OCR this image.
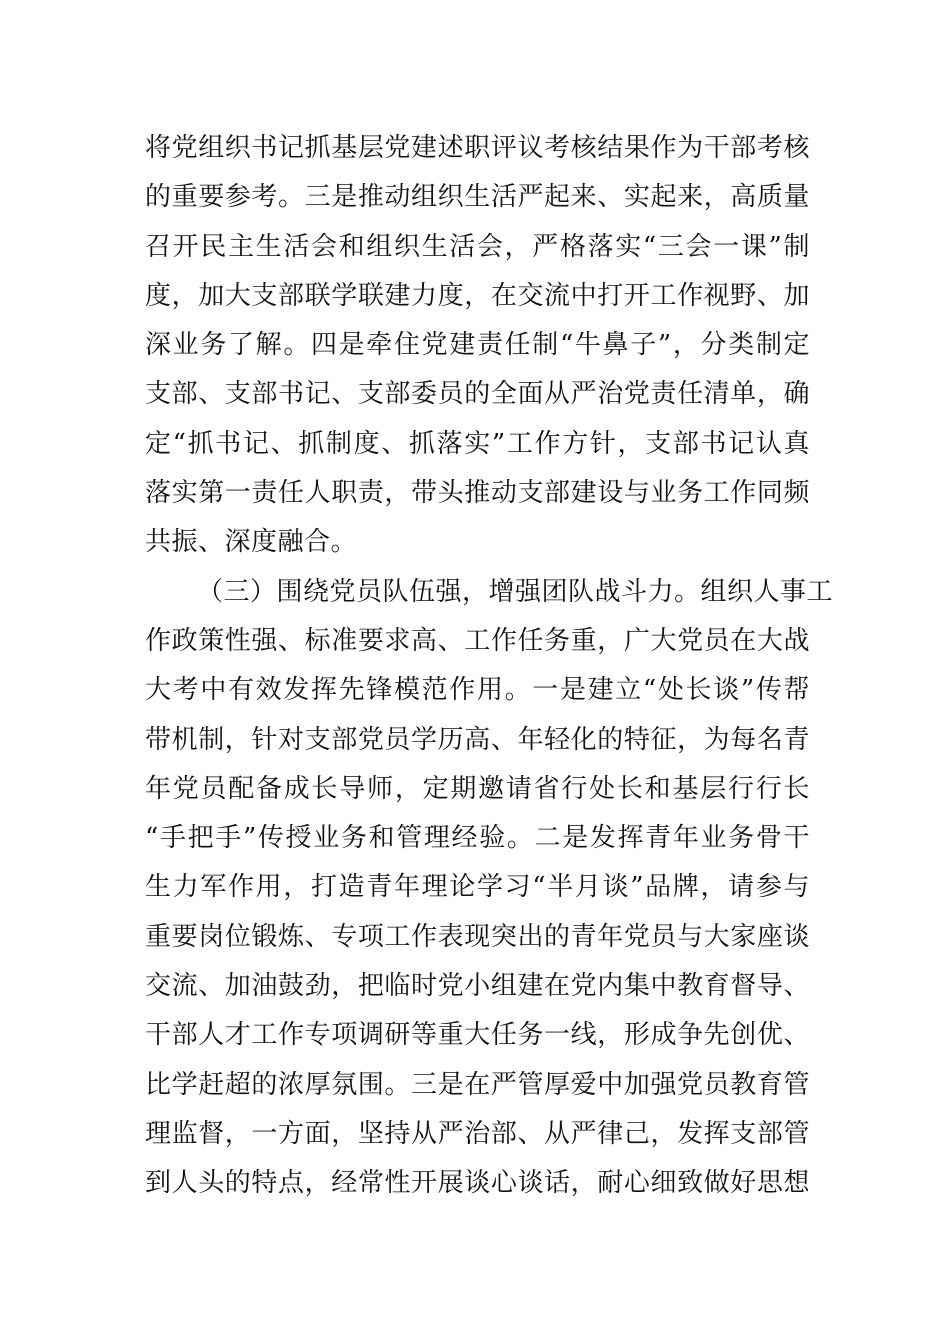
将党组织书记抓基层党建述职评议考核结果作为干部考核
的重要参考。三是推动组织生活严起来、实起来，高质量
召开民主生活会和组织生活会，严格落实“三会一课”制
度，加大支部联学联建力度，在交流中打开工作视野、加
深业务了解。四是牵住党建责任制“牛鼻子”，分类制定
支部、支部书记、支部委员的全面从严治党责任清单，确
定“抓书记、抓制度、抓落实”工作方针，支部书记认真
落实第一责任人职责，带头推动支部建设与业务工作同频
共振、深度融合。
（三）围绕党员队伍强，增强团队战斗力。组织人事工
作政策性强、标准要求高、工作任务重，广大党员在大战
大考中有效发挥先锋模范作用。一是建立“处长谈”传帮
带机制，针对支部党员学历高、年轻化的特征，为每名青
年党员配备成长导师，定期邀请省行处长和基层行行长
“手把手”传授业务和管理经验。二是发挥青年业务骨干
生力军作用，打造青年理论学习“半月谈”品牌，请参与
重要岗位锻炼、专项工作表现突出的青年党员与大家座谈
交流、加油鼓劲，把临时党小组建在党内集中教育督导、
干部人才工作专项调研等重大任务一线，形成争先创优、
比学赶超的浓厚氛围。三是在严管厚爱中加强党员教育管
理监督，一方面，坚持从严治部、从严律己，发挥支部管
到人头的特点，经常性开展谈心谈话，耐心细致做好思想
